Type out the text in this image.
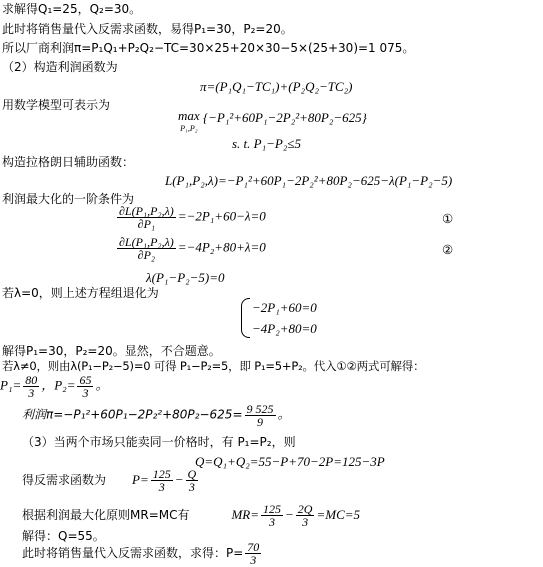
求解得Q₁=25，Q₂=30。
此时将销售量代入反需求函数，易得P₁=30，P₂=20。
所以厂商利润π=P₁Q₁+P₂Q₂−TC=30×25+20×30−5×(25+30)=1 075。
（2）构造利润函数为
π=(P₁Q₁−TC₁)+(P₂Q₂−TC₂)
用数学模型可表示为
max
P₁,P₂ {−P₁²+60P₁−2P₂²+80P₂−625}
s. t. P₁−P₂≤5
构造拉格朗日辅助函数：
L(P₁,P₂,λ)=−P₁²+60P₁−2P₂²+80P₂−625−λ(P₁−P₂−5)
利润最大化的一阶条件为
$\frac{\text{∂L(P₁,P₂,λ)}}{\text{∂P₁}} =-2P_1+60-\lambda=0$	①
$\frac{\text{∂L(P₁,P₂,λ)}}{\text{∂P₂}} =-4P_2+80+\lambda=0$	②
λ(P₁−P₂−5)=0
若λ=0，则上述方程组退化为
−2P₁+60=0
−4P₂+80=0
解得P₁=30，P₂=20。显然，不合题意。
若λ≠0，则由λ(P₁−P₂−5)=0 可得 P₁−P₂=5，即 P₁=5+P₂。代入①②两式可解得：
$P_1= \frac{80}{3}$ ，$P_2= \frac{65}{3}$ 。
利润$\pi=-P_1^2+60P_1-2P_2^2+80P_2-625= \frac{9 525}{9}$ 。
（3）当两个市场只能卖同一价格时，有 P₁=P₂，则
Q=Q₁+Q₂=55−P+70−2P=125−3P
得反需求函数为 $P= \frac{125}{3} - \frac{Q}{3}$
根据利润最大化原则MR=MC有	$MR= \frac{125}{3} - \frac{2Q}{3} =MC=5$
解得：Q=55。
此时将销售量代入反需求函数，求得：$P= \frac{70}{3}$
